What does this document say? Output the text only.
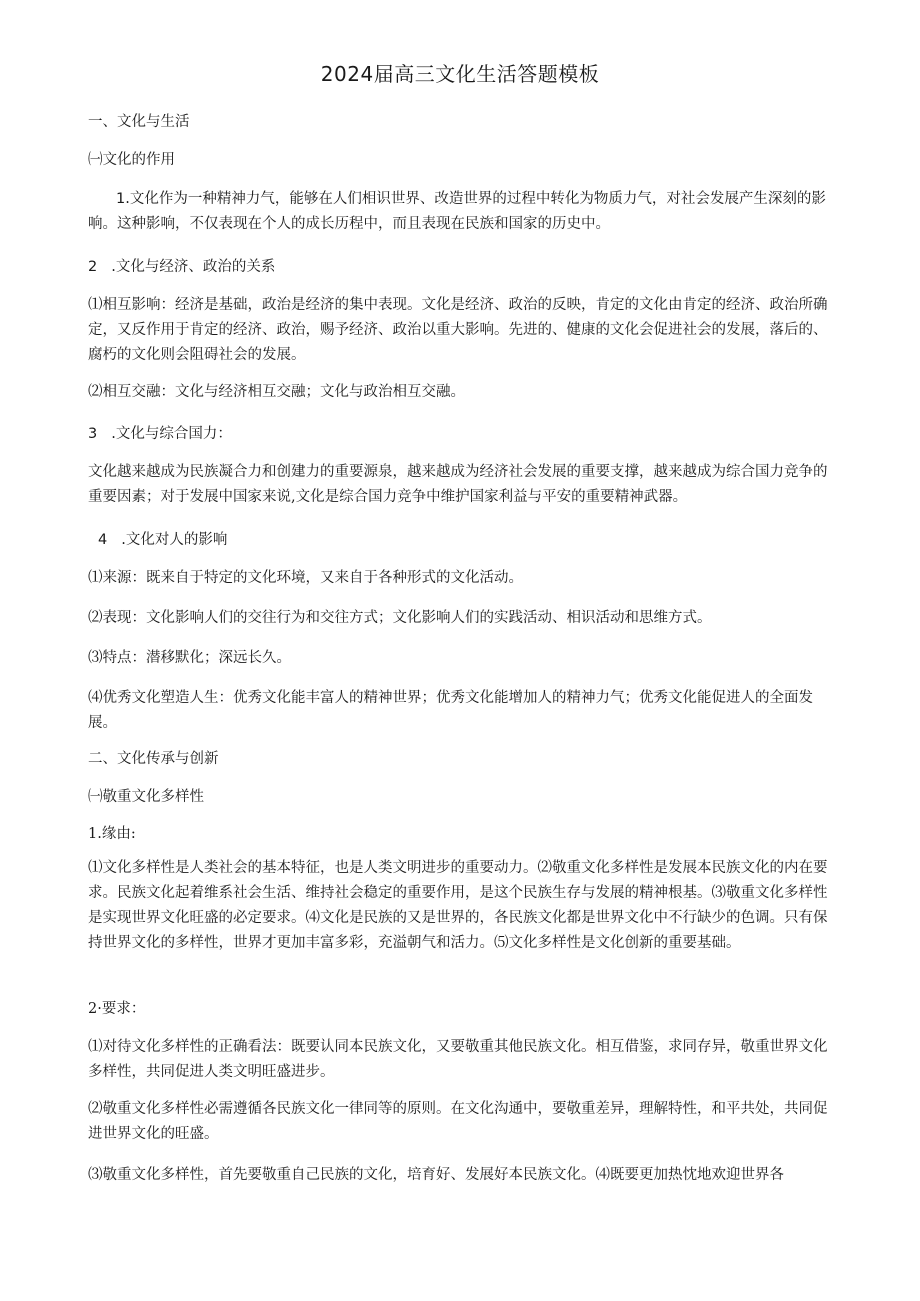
2024届高三文化生活答题模板

一、文化与生活

㈠文化的作用

1.文化作为一种精神力气，能够在人们相识世界、改造世界的过程中转化为物质力气，对社会发展产生深刻的影响。这种影响，不仅表现在个人的成长历程中，而且表现在民族和国家的历史中。

2 .文化与经济、政治的关系

⑴相互影响：经济是基础，政治是经济的集中表现。文化是经济、政治的反映，肯定的文化由肯定的经济、政治所确定，又反作用于肯定的经济、政治，赐予经济、政治以重大影响。先进的、健康的文化会促进社会的发展，落后的、腐朽的文化则会阻碍社会的发展。

⑵相互交融：文化与经济相互交融；文化与政治相互交融。

3 .文化与综合国力：

文化越来越成为民族凝合力和创建力的重要源泉，越来越成为经济社会发展的重要支撑，越来越成为综合国力竞争的重要因素；对于发展中国家来说,文化是综合国力竞争中维护国家利益与平安的重要精神武器。

4 .文化对人的影响

⑴来源：既来自于特定的文化环境，又来自于各种形式的文化活动。

⑵表现：文化影响人们的交往行为和交往方式；文化影响人们的实践活动、相识活动和思维方式。

⑶特点：潜移默化；深远长久。

⑷优秀文化塑造人生：优秀文化能丰富人的精神世界；优秀文化能增加人的精神力气；优秀文化能促进人的全面发展。

二、文化传承与创新

㈠敬重文化多样性

1.缘由:

⑴文化多样性是人类社会的基本特征，也是人类文明进步的重要动力。⑵敬重文化多样性是发展本民族文化的内在要求。民族文化起着维系社会生活、维持社会稳定的重要作用，是这个民族生存与发展的精神根基。⑶敬重文化多样性是实现世界文化旺盛的必定要求。⑷文化是民族的又是世界的，各民族文化都是世界文化中不行缺少的色调。只有保持世界文化的多样性，世界才更加丰富多彩，充溢朝气和活力。⑸文化多样性是文化创新的重要基础。

2·要求：

⑴对待文化多样性的正确看法：既要认同本民族文化，又要敬重其他民族文化。相互借鉴，求同存异，敬重世界文化多样性，共同促进人类文明旺盛进步。

⑵敬重文化多样性必需遵循各民族文化一律同等的原则。在文化沟通中，要敬重差异，理解特性，和平共处，共同促进世界文化的旺盛。

⑶敬重文化多样性，首先要敬重自己民族的文化，培育好、发展好本民族文化。⑷既要更加热忱地欢迎世界各
